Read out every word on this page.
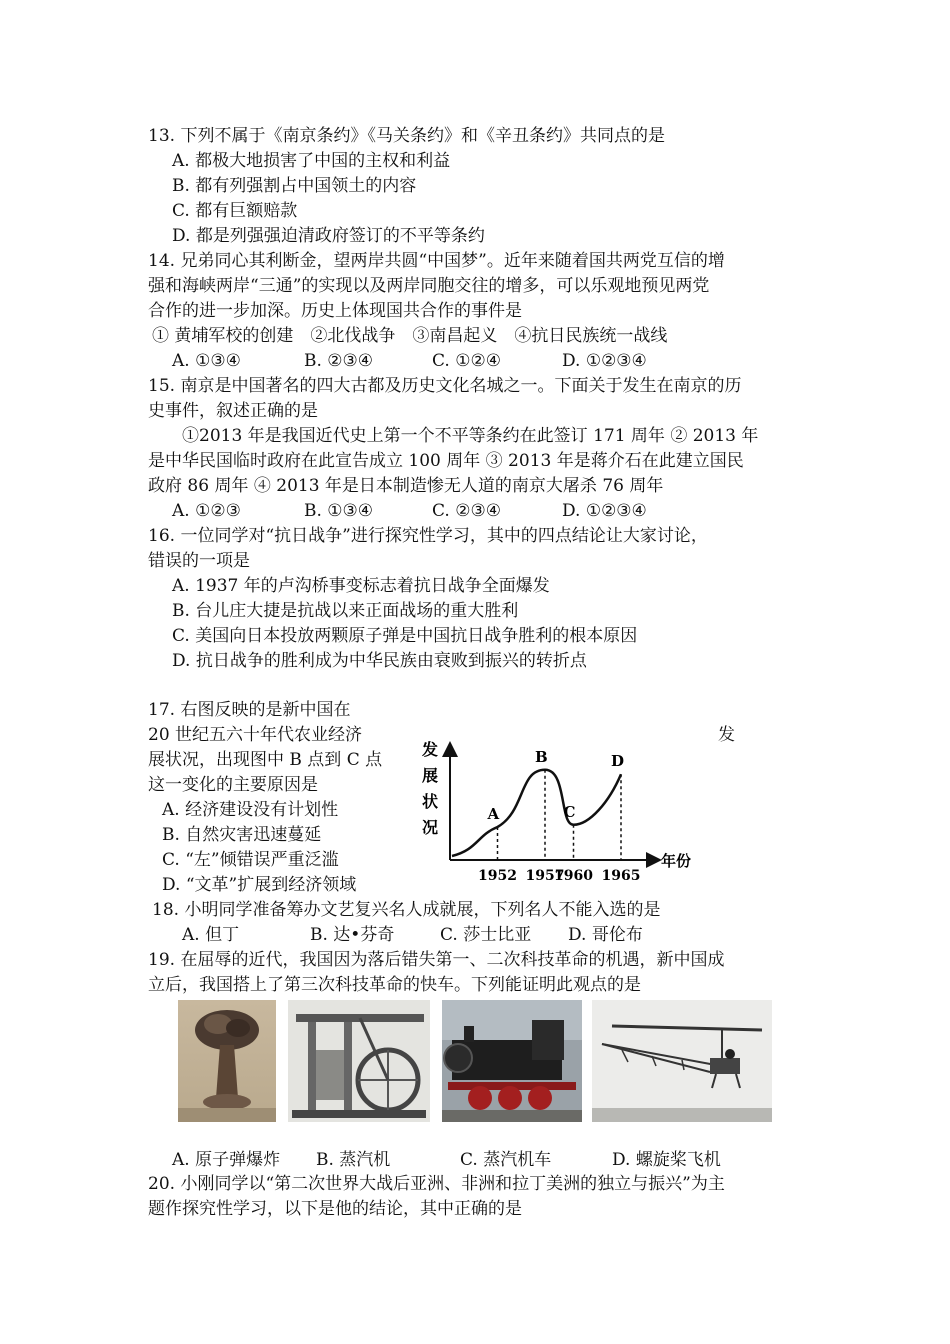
13. 下列不属于《南京条约》《马关条约》和《辛丑条约》共同点的是
A. 都极大地损害了中国的主权和利益
B. 都有列强割占中国领土的内容
C. 都有巨额赔款
D. 都是列强强迫清政府签订的不平等条约
14. 兄弟同心其利断金，望两岸共圆“中国梦”。近年来随着国共两党互信的增
强和海峡两岸“三通”的实现以及两岸同胞交往的增多，可以乐观地预见两党
合作的进一步加深。历史上体现国共合作的事件是
① 黄埔军校的创建　②北伐战争　③南昌起义　④抗日民族统一战线
A. ①③④	B. ②③④	C. ①②④	D. ①②③④
15. 南京是中国著名的四大古都及历史文化名城之一。下面关于发生在南京的历
史事件，叙述正确的是
①2013 年是我国近代史上第一个不平等条约在此签订 171 周年 ② 2013 年
是中华民国临时政府在此宣告成立 100 周年 ③ 2013 年是蒋介石在此建立国民
政府 86 周年 ④ 2013 年是日本制造惨无人道的南京大屠杀 76 周年
A. ①②③	B. ①③④	C. ②③④	D. ①②③④
16. 一位同学对“抗日战争”进行探究性学习，其中的四点结论让大家讨论，
错误的一项是
A. 1937 年的卢沟桥事变标志着抗日战争全面爆发
B. 台儿庄大捷是抗战以来正面战场的重大胜利
C. 美国向日本投放两颗原子弹是中国抗日战争胜利的根本原因
D. 抗日战争的胜利成为中华民族由衰败到振兴的转折点
17. 右图反映的是新中国在
20 世纪五六十年代农业经济	发
展状况，出现图中 B 点到 C 点
这一变化的主要原因是
A. 经济建设没有计划性
B. 自然灾害迅速蔓延
C. “左”倾错误严重泛滥
D. “文革”扩展到经济领域
发
展
状
况
年份
A
1952
B
1957
C
1960
D
1965
18. 小明同学准备筹办文艺复兴名人成就展，下列名人不能入选的是
A. 但丁	B. 达•芬奇	C. 莎士比亚 D. 哥伦布
19. 在屈辱的近代，我国因为落后错失第一、二次科技革命的机遇，新中国成
立后，我国搭上了第三次科技革命的快车。下列能证明此观点的是
A. 原子弹爆炸 B. 蒸汽机	C. 蒸汽机车	D. 螺旋桨飞机
20. 小刚同学以“第二次世界大战后亚洲、非洲和拉丁美洲的独立与振兴”为主
题作探究性学习，以下是他的结论，其中正确的是
